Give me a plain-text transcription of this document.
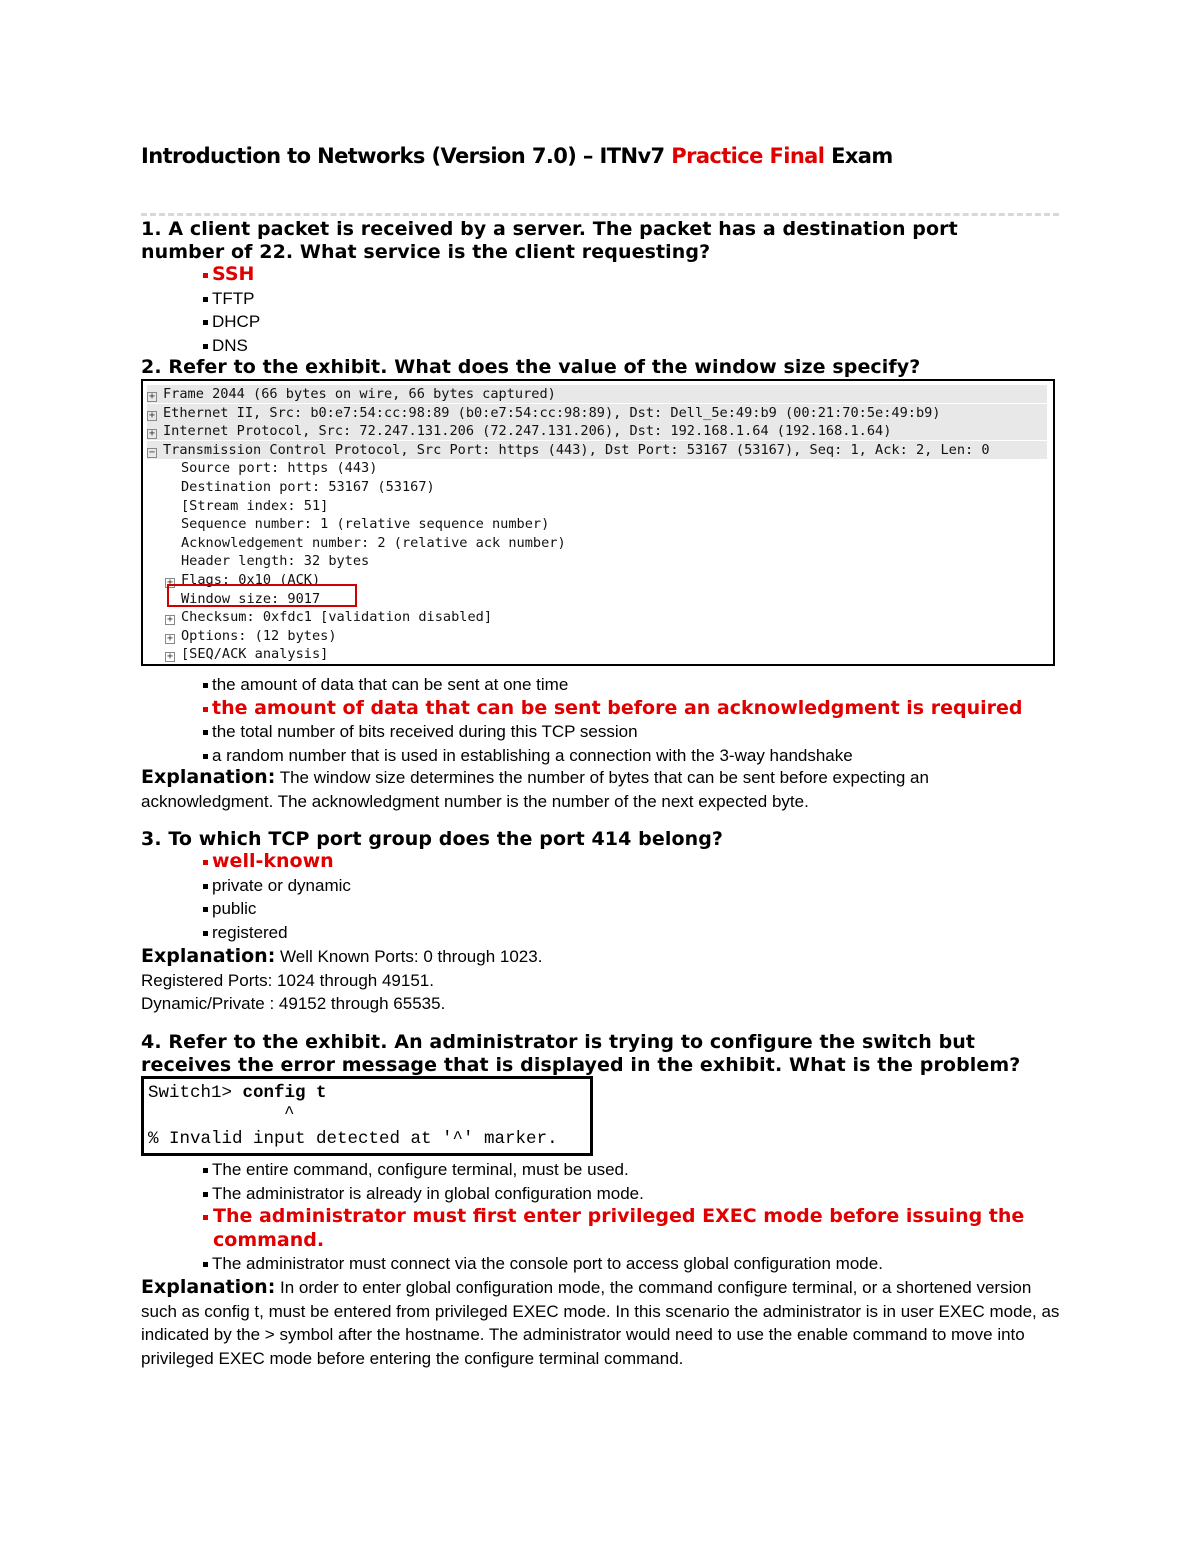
Introduction to Networks (Version 7.0) – ITNv7 Practice Final Exam
1. A client packet is received by a server. The packet has a destination port number of 22. What service is the client requesting?
SSH
TFTP
DHCP
DNS
2. Refer to the exhibit. What does the value of the window size specify?
+ Frame 2044 (66 bytes on wire, 66 bytes captured)
+ Ethernet II, Src: b0:e7:54:cc:98:89 (b0:e7:54:cc:98:89), Dst: Dell_5e:49:b9 (00:21:70:5e:49:b9)
+ Internet Protocol, Src: 72.247.131.206 (72.247.131.206), Dst: 192.168.1.64 (192.168.1.64)
− Transmission Control Protocol, Src Port: https (443), Dst Port: 53167 (53167), Seq: 1, Ack: 2, Len: 0
Source port: https (443)
Destination port: 53167 (53167)
[Stream index: 51]
Sequence number: 1 (relative sequence number)
Acknowledgement number: 2 (relative ack number)
Header length: 32 bytes
+ Flags: 0x10 (ACK)
Window size: 9017
+ Checksum: 0xfdc1 [validation disabled]
+ Options: (12 bytes)
+ [SEQ/ACK analysis]
the amount of data that can be sent at one time
the amount of data that can be sent before an acknowledgment is required
the total number of bits received during this TCP session
a random number that is used in establishing a connection with the 3-way handshake
Explanation: The window size determines the number of bytes that can be sent before expecting an acknowledgment. The acknowledgment number is the number of the next expected byte.
3. To which TCP port group does the port 414 belong?
well-known
private or dynamic
public
registered
Explanation: Well Known Ports: 0 through 1023.
Registered Ports: 1024 through 49151.
Dynamic/Private : 49152 through 65535.
4. Refer to the exhibit. An administrator is trying to configure the switch but receives the error message that is displayed in the exhibit. What is the problem?
Switch1> config t
^
% Invalid input detected at '^' marker.
The entire command, configure terminal, must be used.
The administrator is already in global configuration mode.
The administrator must first enter privileged EXEC mode before issuing the command.
The administrator must connect via the console port to access global configuration mode.
Explanation: In order to enter global configuration mode, the command configure terminal, or a shortened version such as config t, must be entered from privileged EXEC mode. In this scenario the administrator is in user EXEC mode, as indicated by the > symbol after the hostname. The administrator would need to use the enable command to move into privileged EXEC mode before entering the configure terminal command.
